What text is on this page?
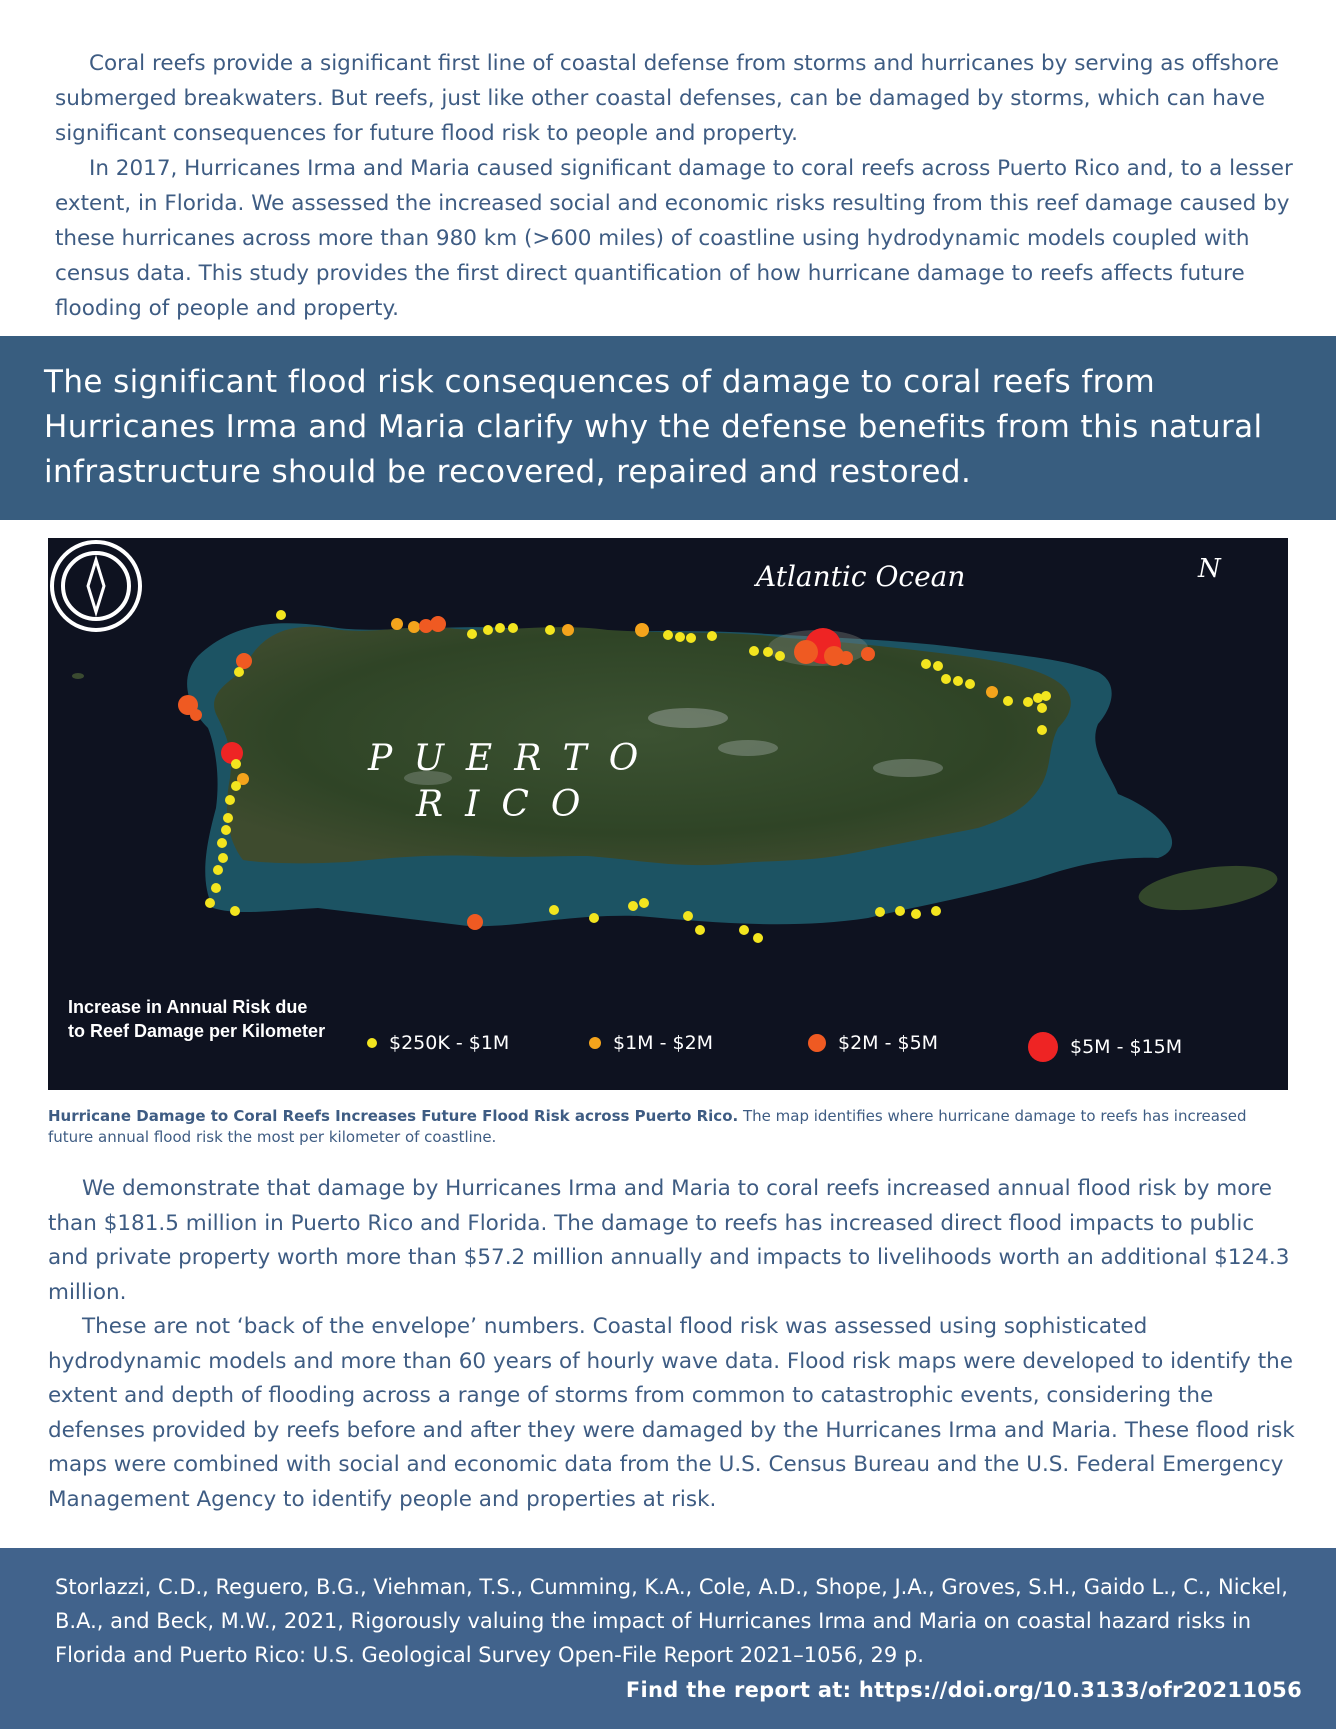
Coral reefs provide a significant first line of coastal defense from storms and hurricanes by serving as offshore submerged breakwaters. But reefs, just like other coastal defenses, can be damaged by storms, which can have significant consequences for future flood risk to people and property.

In 2017, Hurricanes Irma and Maria caused significant damage to coral reefs across Puerto Rico and, to a lesser extent, in Florida. We assessed the increased social and economic risks resulting from this reef damage caused by these hurricanes across more than 980 km (>600 miles) of coastline using hydrodynamic models coupled with census data. This study provides the first direct quantification of how hurricane damage to reefs affects future flooding of people and property.

The significant flood risk consequences of damage to coral reefs from Hurricanes Irma and Maria clarify why the defense benefits from this natural infrastructure should be recovered, repaired and restored.
Atlantic Ocean	N
PUERTO
RICO
Increase in Annual Risk due to Reef Damage per Kilometer
$250K - $1M	$1M - $2M	$2M - $5M	$5M - $15M
Hurricane Damage to Coral Reefs Increases Future Flood Risk across Puerto Rico. The map identifies where hurricane damage to reefs has increased future annual flood risk the most per kilometer of coastline.

We demonstrate that damage by Hurricanes Irma and Maria to coral reefs increased annual flood risk by more than $181.5 million in Puerto Rico and Florida. The damage to reefs has increased direct flood impacts to public and private property worth more than $57.2 million annually and impacts to livelihoods worth an additional $124.3 million.

These are not ‘back of the envelope’ numbers. Coastal flood risk was assessed using sophisticated hydrodynamic models and more than 60 years of hourly wave data. Flood risk maps were developed to identify the extent and depth of flooding across a range of storms from common to catastrophic events, considering the defenses provided by reefs before and after they were damaged by the Hurricanes Irma and Maria. These flood risk maps were combined with social and economic data from the U.S. Census Bureau and the U.S. Federal Emergency Management Agency to identify people and properties at risk.

Storlazzi, C.D., Reguero, B.G., Viehman, T.S., Cumming, K.A., Cole, A.D., Shope, J.A., Groves, S.H., Gaido L., C., Nickel, B.A., and Beck, M.W., 2021, Rigorously valuing the impact of Hurricanes Irma and Maria on coastal hazard risks in Florida and Puerto Rico: U.S. Geological Survey Open-File Report 2021–1056, 29 p.
Find the report at: https://doi.org/10.3133/ofr20211056
